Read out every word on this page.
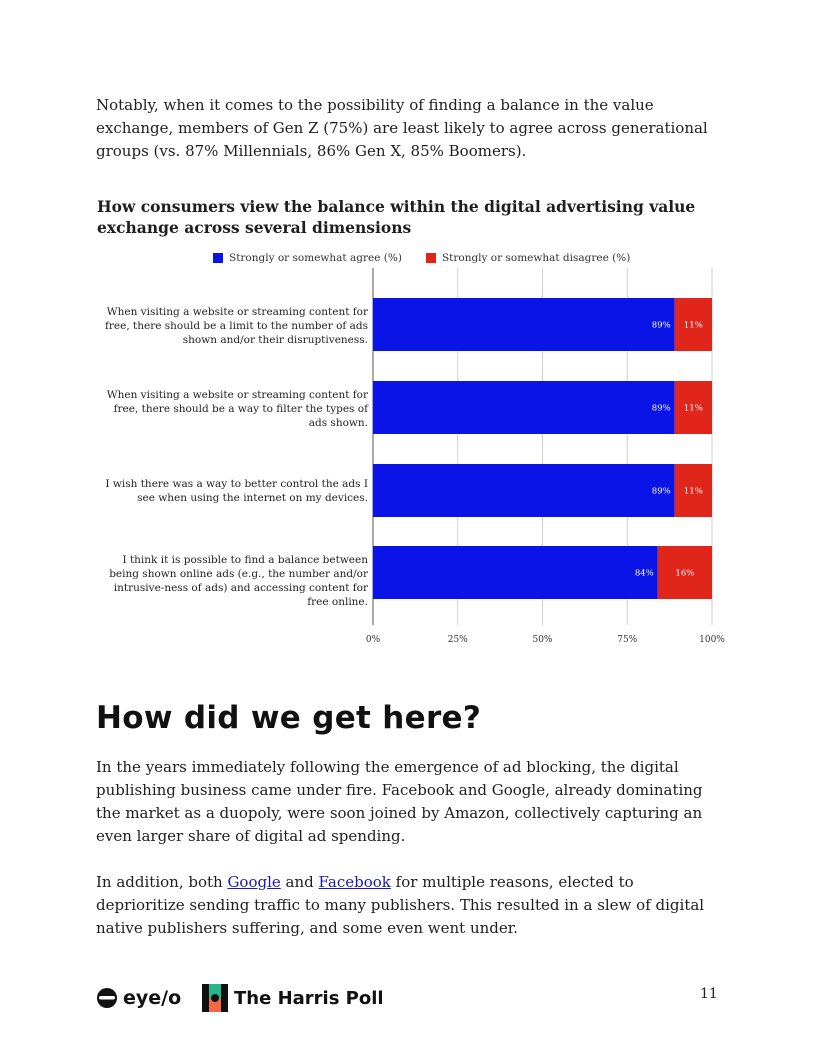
Notably, when it comes to the possibility of finding a balance in the value exchange, members of Gen Z (75%) are least likely to agree across generational groups (vs. 87% Millennials, 86% Gen X, 85% Boomers).

How consumers view the balance within the digital advertising value exchange across several dimensions
Strongly or somewhat agree (%)	Strongly or somewhat disagree (%)
When visiting a website or streaming content for free, there should be a limit to the number of ads shown and/or their disruptiveness.
When visiting a website or streaming content for free, there should be a way to filter the types of ads shown.
I wish there was a way to better control the ads I see when using the internet on my devices.
I think it is possible to find a balance between being shown online ads (e.g., the number and/or intrusive-ness of ads) and accessing content for free online.
0%	25%	50%	75%	100%
89% 11%
89% 11%
89% 11%
84%	16%
How did we get here?

In the years immediately following the emergence of ad blocking, the digital publishing business came under fire. Facebook and Google, already dominating the market as a duopoly, were soon joined by Amazon, collectively capturing an even larger share of digital ad spending.

In addition, both Google and Facebook for multiple reasons, elected to deprioritize sending traffic to many publishers. This resulted in a slew of digital native publishers suffering, and some even went under.

eye/o	The Harris Poll	11
